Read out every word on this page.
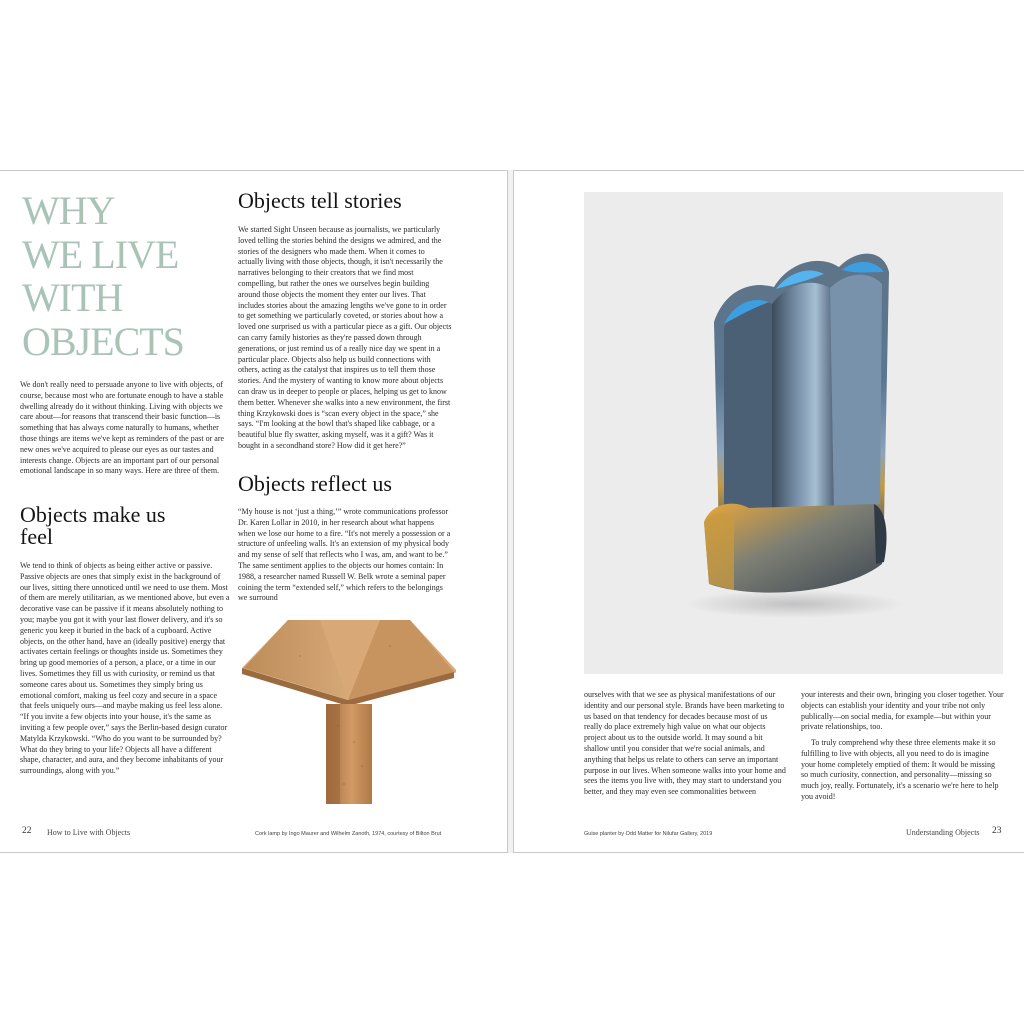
WHY
WE LIVE
WITH
OBJECTS

We don't really need to persuade anyone to live with objects, of course, because most who are fortunate enough to have a stable dwelling already do it without thinking. Living with objects we care about—for reasons that transcend their basic function—is something that has always come naturally to humans, whether those things are items we've kept as reminders of the past or are new ones we've acquired to please our eyes as our tastes and interests change. Objects are an important part of our personal emotional landscape in so many ways. Here are three of them.

Objects make us feel

We tend to think of objects as being either active or passive. Passive objects are ones that simply exist in the background of our lives, sitting there unnoticed until we need to use them. Most of them are merely utilitarian, as we mentioned above, but even a decorative vase can be passive if it means absolutely nothing to you; maybe you got it with your last flower delivery, and it's so generic you keep it buried in the back of a cupboard. Active objects, on the other hand, have an (ideally positive) energy that activates certain feelings or thoughts inside us. Sometimes they bring up good memories of a person, a place, or a time in our lives. Sometimes they fill us with curiosity, or remind us that someone cares about us. Sometimes they simply bring us emotional comfort, making us feel cozy and secure in a space that feels uniquely ours—and maybe making us feel less alone. “If you invite a few objects into your house, it's the same as inviting a few people over,” says the Berlin-based design curator Matylda Krzykowski. “Who do you want to be surrounded by? What do they bring to your life? Objects all have a different shape, character, and aura, and they become inhabitants of your surroundings, along with you.”

Objects tell stories

We started Sight Unseen because as journalists, we particularly loved telling the stories behind the designs we admired, and the stories of the designers who made them. When it comes to actually living with those objects, though, it isn't necessarily the narratives belonging to their creators that we find most compelling, but rather the ones we ourselves begin building around those objects the moment they enter our lives. That includes stories about the amazing lengths we've gone to in order to get something we particularly coveted, or stories about how a loved one surprised us with a particular piece as a gift. Our objects can carry family histories as they're passed down through generations, or just remind us of a really nice day we spent in a particular place. Objects also help us build connections with others, acting as the catalyst that inspires us to tell them those stories. And the mystery of wanting to know more about objects can draw us in deeper to people or places, helping us get to know them better. Whenever she walks into a new environment, the first thing Krzykowski does is “scan every object in the space,” she says. “I'm looking at the bowl that's shaped like cabbage, or a beautiful blue fly swatter, asking myself, was it a gift? Was it bought in a secondhand store? How did it get here?”

Objects reflect us

“My house is not ‘just a thing,’” wrote communications professor Dr. Karen Lollar in 2010, in her research about what happens when we lose our home to a fire. “It's not merely a possession or a structure of unfeeling walls. It's an extension of my physical body and my sense of self that reflects who I was, am, and want to be.” The same sentiment applies to the objects our homes contain: In 1988, a researcher named Russell W. Belk wrote a seminal paper coining the term “extended self,” which refers to the belongings we surround

Cork lamp by Ingo Maurer and Wilhelm Zanoth, 1974, courtesy of Bilton Brut
22 How to Live with Objects

ourselves with that we see as physical manifestations of our identity and our personal style. Brands have been marketing to us based on that tendency for decades because most of us really do place extremely high value on what our objects project about us to the outside world. It may sound a bit shallow until you consider that we're social animals, and anything that helps us relate to others can serve an important purpose in our lives. When someone walks into your home and sees the items you live with, they may start to understand you better, and they may even see commonalities between

your interests and their own, bringing you closer together. Your objects can establish your identity and your tribe not only publically—on social media, for example—but within your private relationships, too.

To truly comprehend why these three elements make it so fulfilling to live with objects, all you need to do is imagine your home completely emptied of them: It would be missing so much curiosity, connection, and personality—missing so much joy, really. Fortunately, it's a scenario we're here to help you avoid!

Guise planter by Odd Matter for Nilufar Gallery, 2019	Understanding Objects 23
